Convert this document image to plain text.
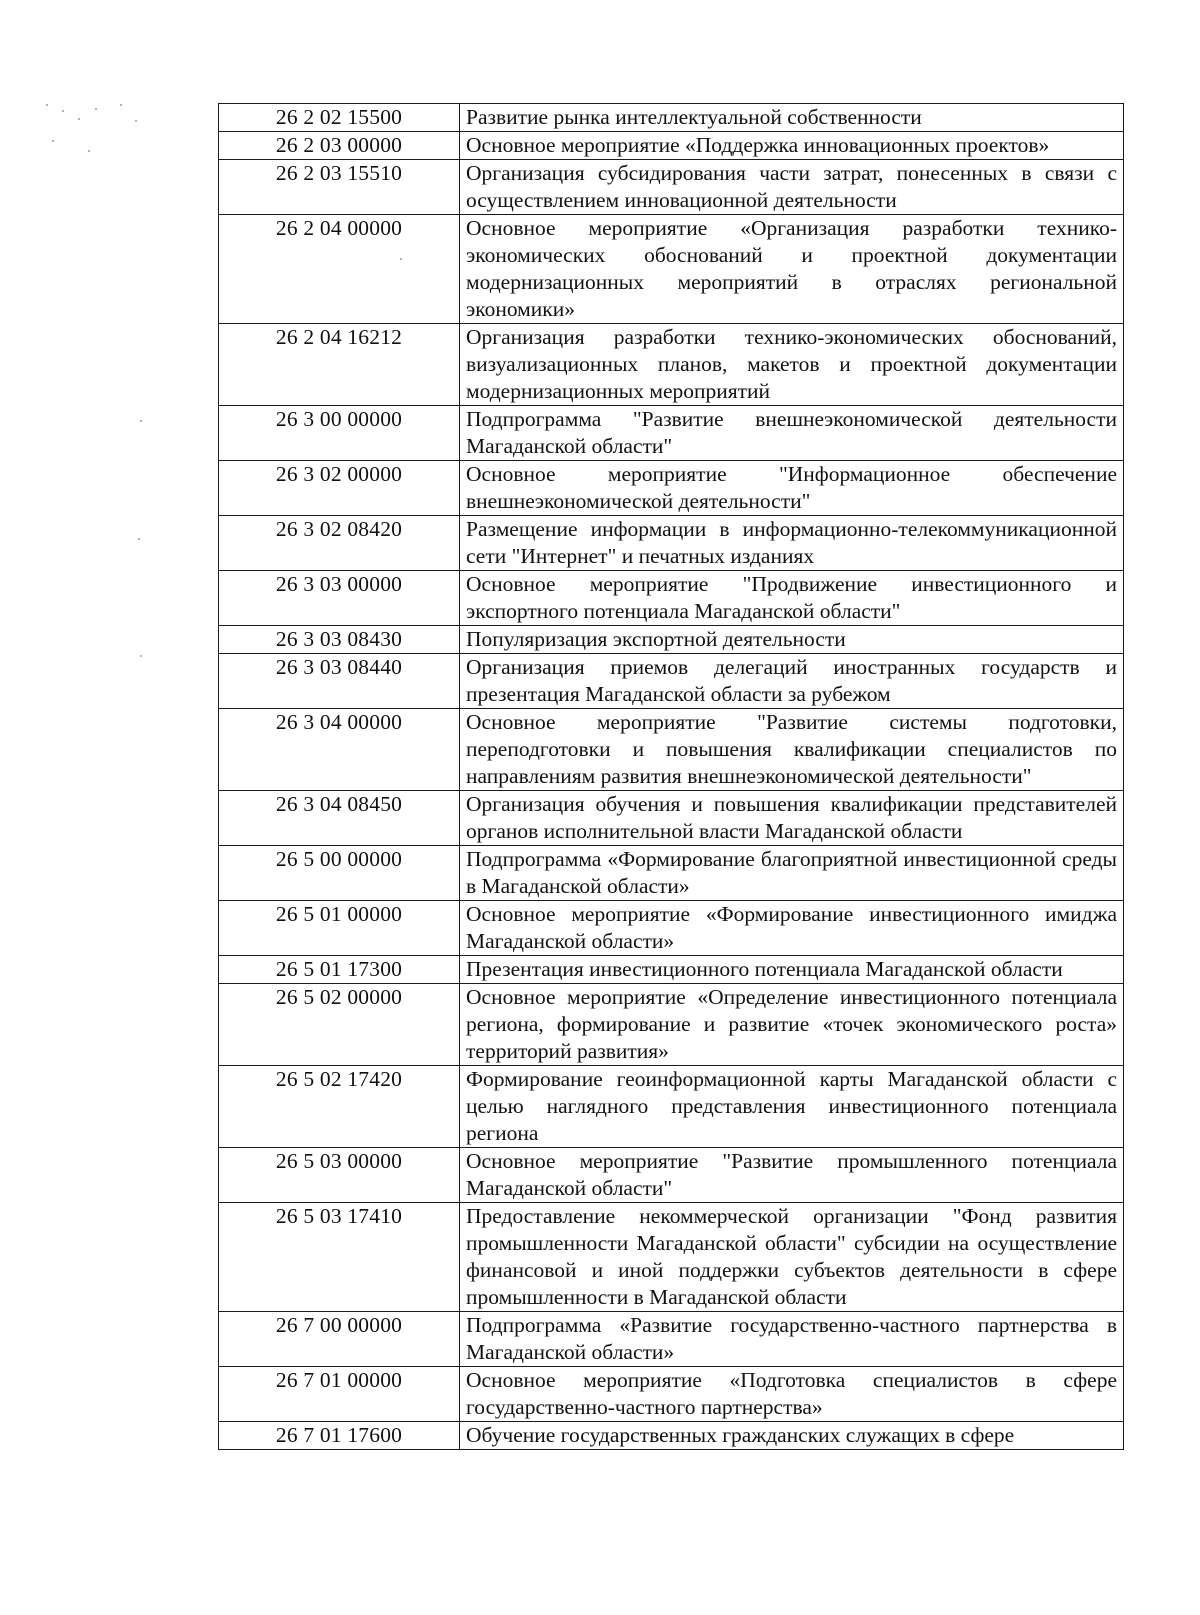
26 2 02 15500	Развитие рынка интеллектуальной собственности
26 2 03 00000	Основное мероприятие «Поддержка инновационных проектов»
26 2 03 15510	Организация субсидирования части затрат, понесенных в связи с осуществлением инновационной деятельности
26 2 04 00000	Основное мероприятие «Организация разработки технико-экономических обоснований и проектной документации модернизационных мероприятий в отраслях региональной экономики»
26 2 04 16212	Организация разработки технико-экономических обоснований, визуализационных планов, макетов и проектной документации модернизационных мероприятий
26 3 00 00000	Подпрограмма "Развитие внешнеэкономической деятельности Магаданской области"
26 3 02 00000	Основное мероприятие "Информационное обеспечение внешнеэкономической деятельности"
26 3 02 08420	Размещение информации в информационно-телекоммуникационной сети "Интернет" и печатных изданиях
26 3 03 00000	Основное мероприятие "Продвижение инвестиционного и экспортного потенциала Магаданской области"
26 3 03 08430	Популяризация экспортной деятельности
26 3 03 08440	Организация приемов делегаций иностранных государств и презентация Магаданской области за рубежом
26 3 04 00000	Основное мероприятие "Развитие системы подготовки, переподготовки и повышения квалификации специалистов по направлениям развития внешнеэкономической деятельности"
26 3 04 08450	Организация обучения и повышения квалификации представителей органов исполнительной власти Магаданской области
26 5 00 00000	Подпрограмма «Формирование благоприятной инвестиционной среды в Магаданской области»
26 5 01 00000	Основное мероприятие «Формирование инвестиционного имиджа Магаданской области»
26 5 01 17300	Презентация инвестиционного потенциала Магаданской области
26 5 02 00000	Основное мероприятие «Определение инвестиционного потенциала региона, формирование и развитие «точек экономического роста» территорий развития»
26 5 02 17420	Формирование геоинформационной карты Магаданской области с целью наглядного представления инвестиционного потенциала региона
26 5 03 00000	Основное мероприятие "Развитие промышленного потенциала Магаданской области"
26 5 03 17410	Предоставление некоммерческой организации "Фонд развития промышленности Магаданской области" субсидии на осуществление финансовой и иной поддержки субъектов деятельности в сфере промышленности в Магаданской области
26 7 00 00000	Подпрограмма «Развитие государственно-частного партнерства в Магаданской области»
26 7 01 00000	Основное мероприятие «Подготовка специалистов в сфере государственно-частного партнерства»
26 7 01 17600	Обучение государственных гражданских служащих в сфере
